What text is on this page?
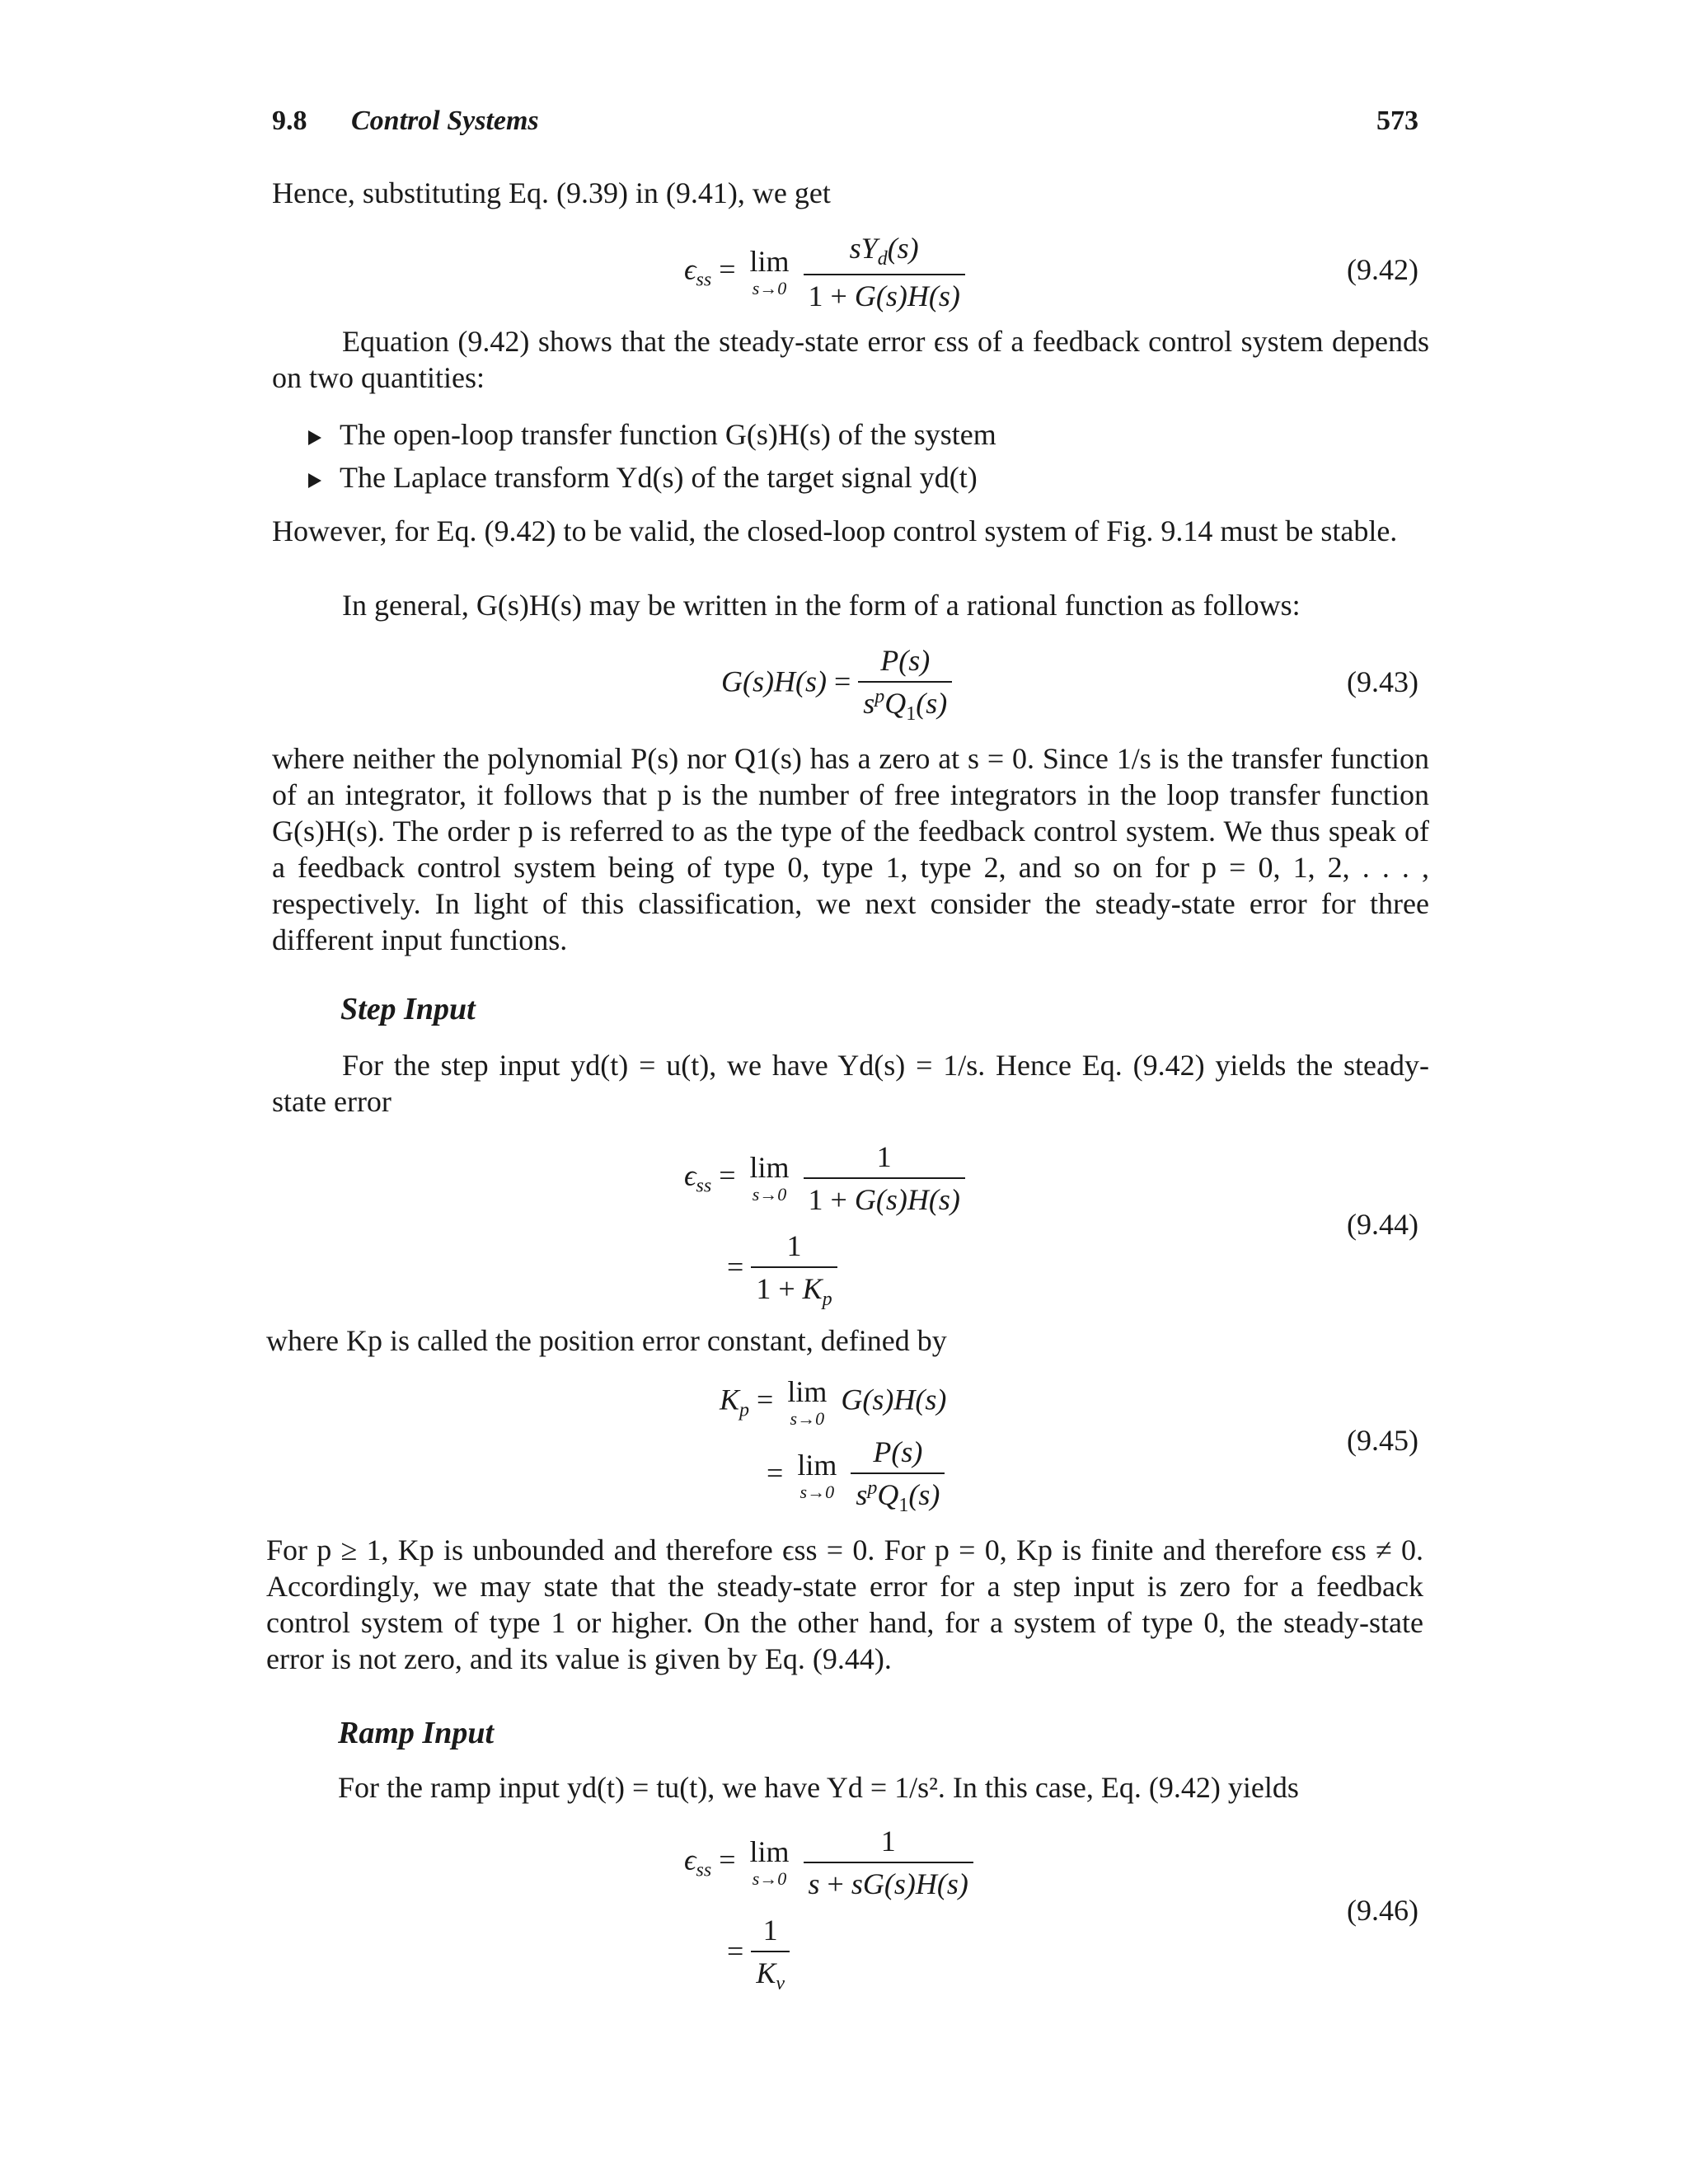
9.8 Control Systems	573
Hence, substituting Eq. (9.39) in (9.41), we get
$\epsilon_{ss} = \lim$
s→0
$\frac{sY_d(s)}{1 + G(s)H(s)}$	(9.42)
Equation (9.42) shows that the steady-state error ϵss of a feedback control system depends on two quantities:
The open-loop transfer function G(s)H(s) of the system
The Laplace transform Yd(s) of the target signal yd(t)
However, for Eq. (9.42) to be valid, the closed-loop control system of Fig. 9.14 must be stable.
In general, G(s)H(s) may be written in the form of a rational function as follows:
$G(s)H(s) = \frac{P(s)}{s^pQ_1(s)}$	(9.43)
where neither the polynomial P(s) nor Q1(s) has a zero at s = 0. Since 1/s is the transfer function of an integrator, it follows that p is the number of free integrators in the loop transfer function G(s)H(s). The order p is referred to as the type of the feedback control system. We thus speak of a feedback control system being of type 0, type 1, type 2, and so on for p = 0, 1, 2, . . . , respectively. In light of this classification, we next consider the steady-state error for three different input functions.
Step Input
For the step input yd(t) = u(t), we have Yd(s) = 1/s. Hence Eq. (9.42) yields the steady-state error
$\epsilon_{ss} = \lim$
s→0
$\frac{1}{1 + G(s)H(s)}$
= $\frac{1}{1 + K_p}$
(9.44)
where Kp is called the position error constant, defined by
$K_p = \lim$
s→0
G(s)H(s)
= lim
s→0
$\frac{P(s)}{s^pQ_1(s)}$	(9.45)
For p ≥ 1, Kp is unbounded and therefore ϵss = 0. For p = 0, Kp is finite and therefore ϵss ≠ 0. Accordingly, we may state that the steady-state error for a step input is zero for a feedback control system of type 1 or higher. On the other hand, for a system of type 0, the steady-state error is not zero, and its value is given by Eq. (9.44).
Ramp Input
For the ramp input yd(t) = tu(t), we have Yd = 1/s². In this case, Eq. (9.42) yields
$\epsilon_{ss} = \lim$
s→0
$\frac{1}{s + sG(s)H(s)}$
= $\frac{1}{K_v}$
(9.46)
